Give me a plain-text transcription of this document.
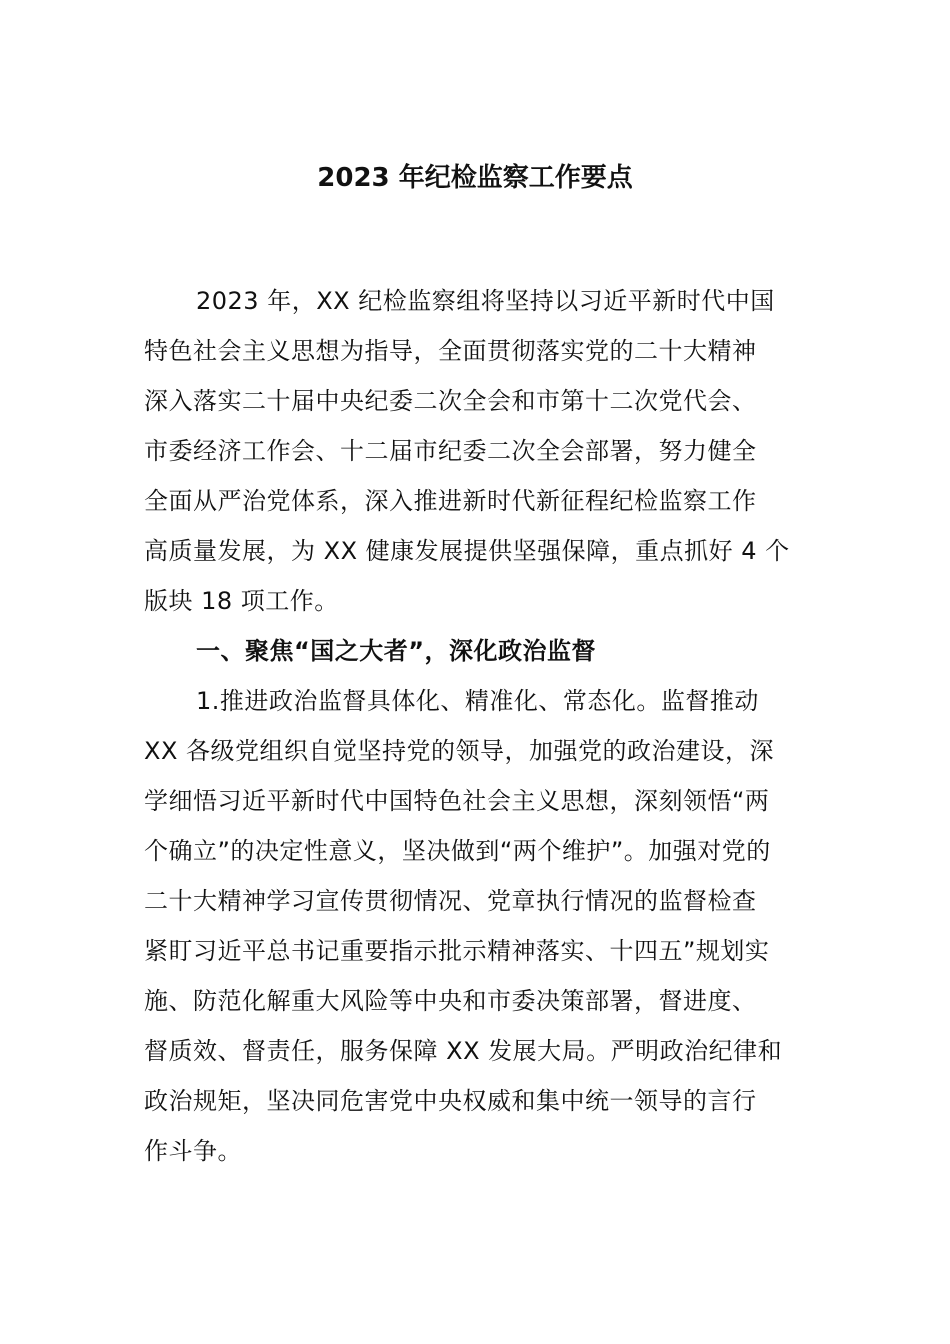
2023 年纪检监察工作要点
2023 年，XX 纪检监察组将坚持以习近平新时代中国
特色社会主义思想为指导，全面贯彻落实党的二十大精神
深入落实二十届中央纪委二次全会和市第十二次党代会、
市委经济工作会、十二届市纪委二次全会部署，努力健全
全面从严治党体系，深入推进新时代新征程纪检监察工作
高质量发展，为 XX 健康发展提供坚强保障，重点抓好 4 个
版块 18 项工作。
一、聚焦“国之大者”，深化政治监督
1.推进政治监督具体化、精准化、常态化。监督推动
XX 各级党组织自觉坚持党的领导，加强党的政治建设，深
学细悟习近平新时代中国特色社会主义思想，深刻领悟“两
个确立”的决定性意义，坚决做到“两个维护”。加强对党的
二十大精神学习宣传贯彻情况、党章执行情况的监督检查
紧盯习近平总书记重要指示批示精神落实、十四五”规划实
施、防范化解重大风险等中央和市委决策部署，督进度、
督质效、督责任，服务保障 XX 发展大局。严明政治纪律和
政治规矩，坚决同危害党中央权威和集中统一领导的言行
作斗争。
